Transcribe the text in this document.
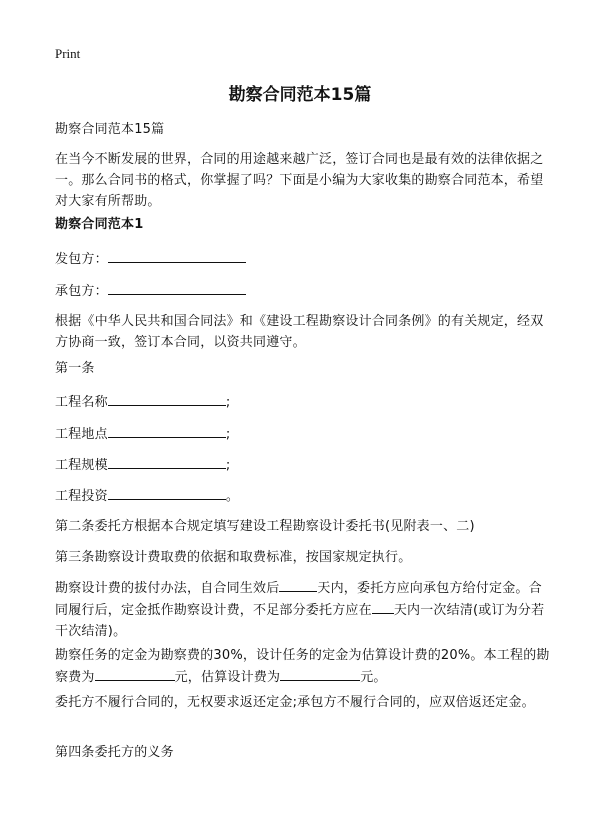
Print
勘察合同范本15篇

勘察合同范本15篇

在当今不断发展的世界，合同的用途越来越广泛，签订合同也是最有效的法律依据之一。那么合同书的格式，你掌握了吗？下面是小编为大家收集的勘察合同范本，希望对大家有所帮助。

勘察合同范本1

发包方：

承包方：

根据《中华人民共和国合同法》和《建设工程勘察设计合同条例》的有关规定，经双方协商一致，签订本合同，以资共同遵守。

第一条

工程名称	;

工程地点	;

工程规模	;

工程投资	。

第二条委托方根据本合规定填写建设工程勘察设计委托书(见附表一、二)

第三条勘察设计费取费的依据和取费标准，按国家规定执行。

勘察设计费的拔付办法，自合同生效后	天内，委托方应向承包方给付定金。合同履行后，定金抵作勘察设计费，不足部分委托方应在 天内一次结清(或订为分若干次结清)。

勘察任务的定金为勘察费的30%，设计任务的定金为估算设计费的20%。本工程的勘察费为	元，估算设计费为	元。

委托方不履行合同的，无权要求返还定金;承包方不履行合同的，应双倍返还定金。

第四条委托方的义务
